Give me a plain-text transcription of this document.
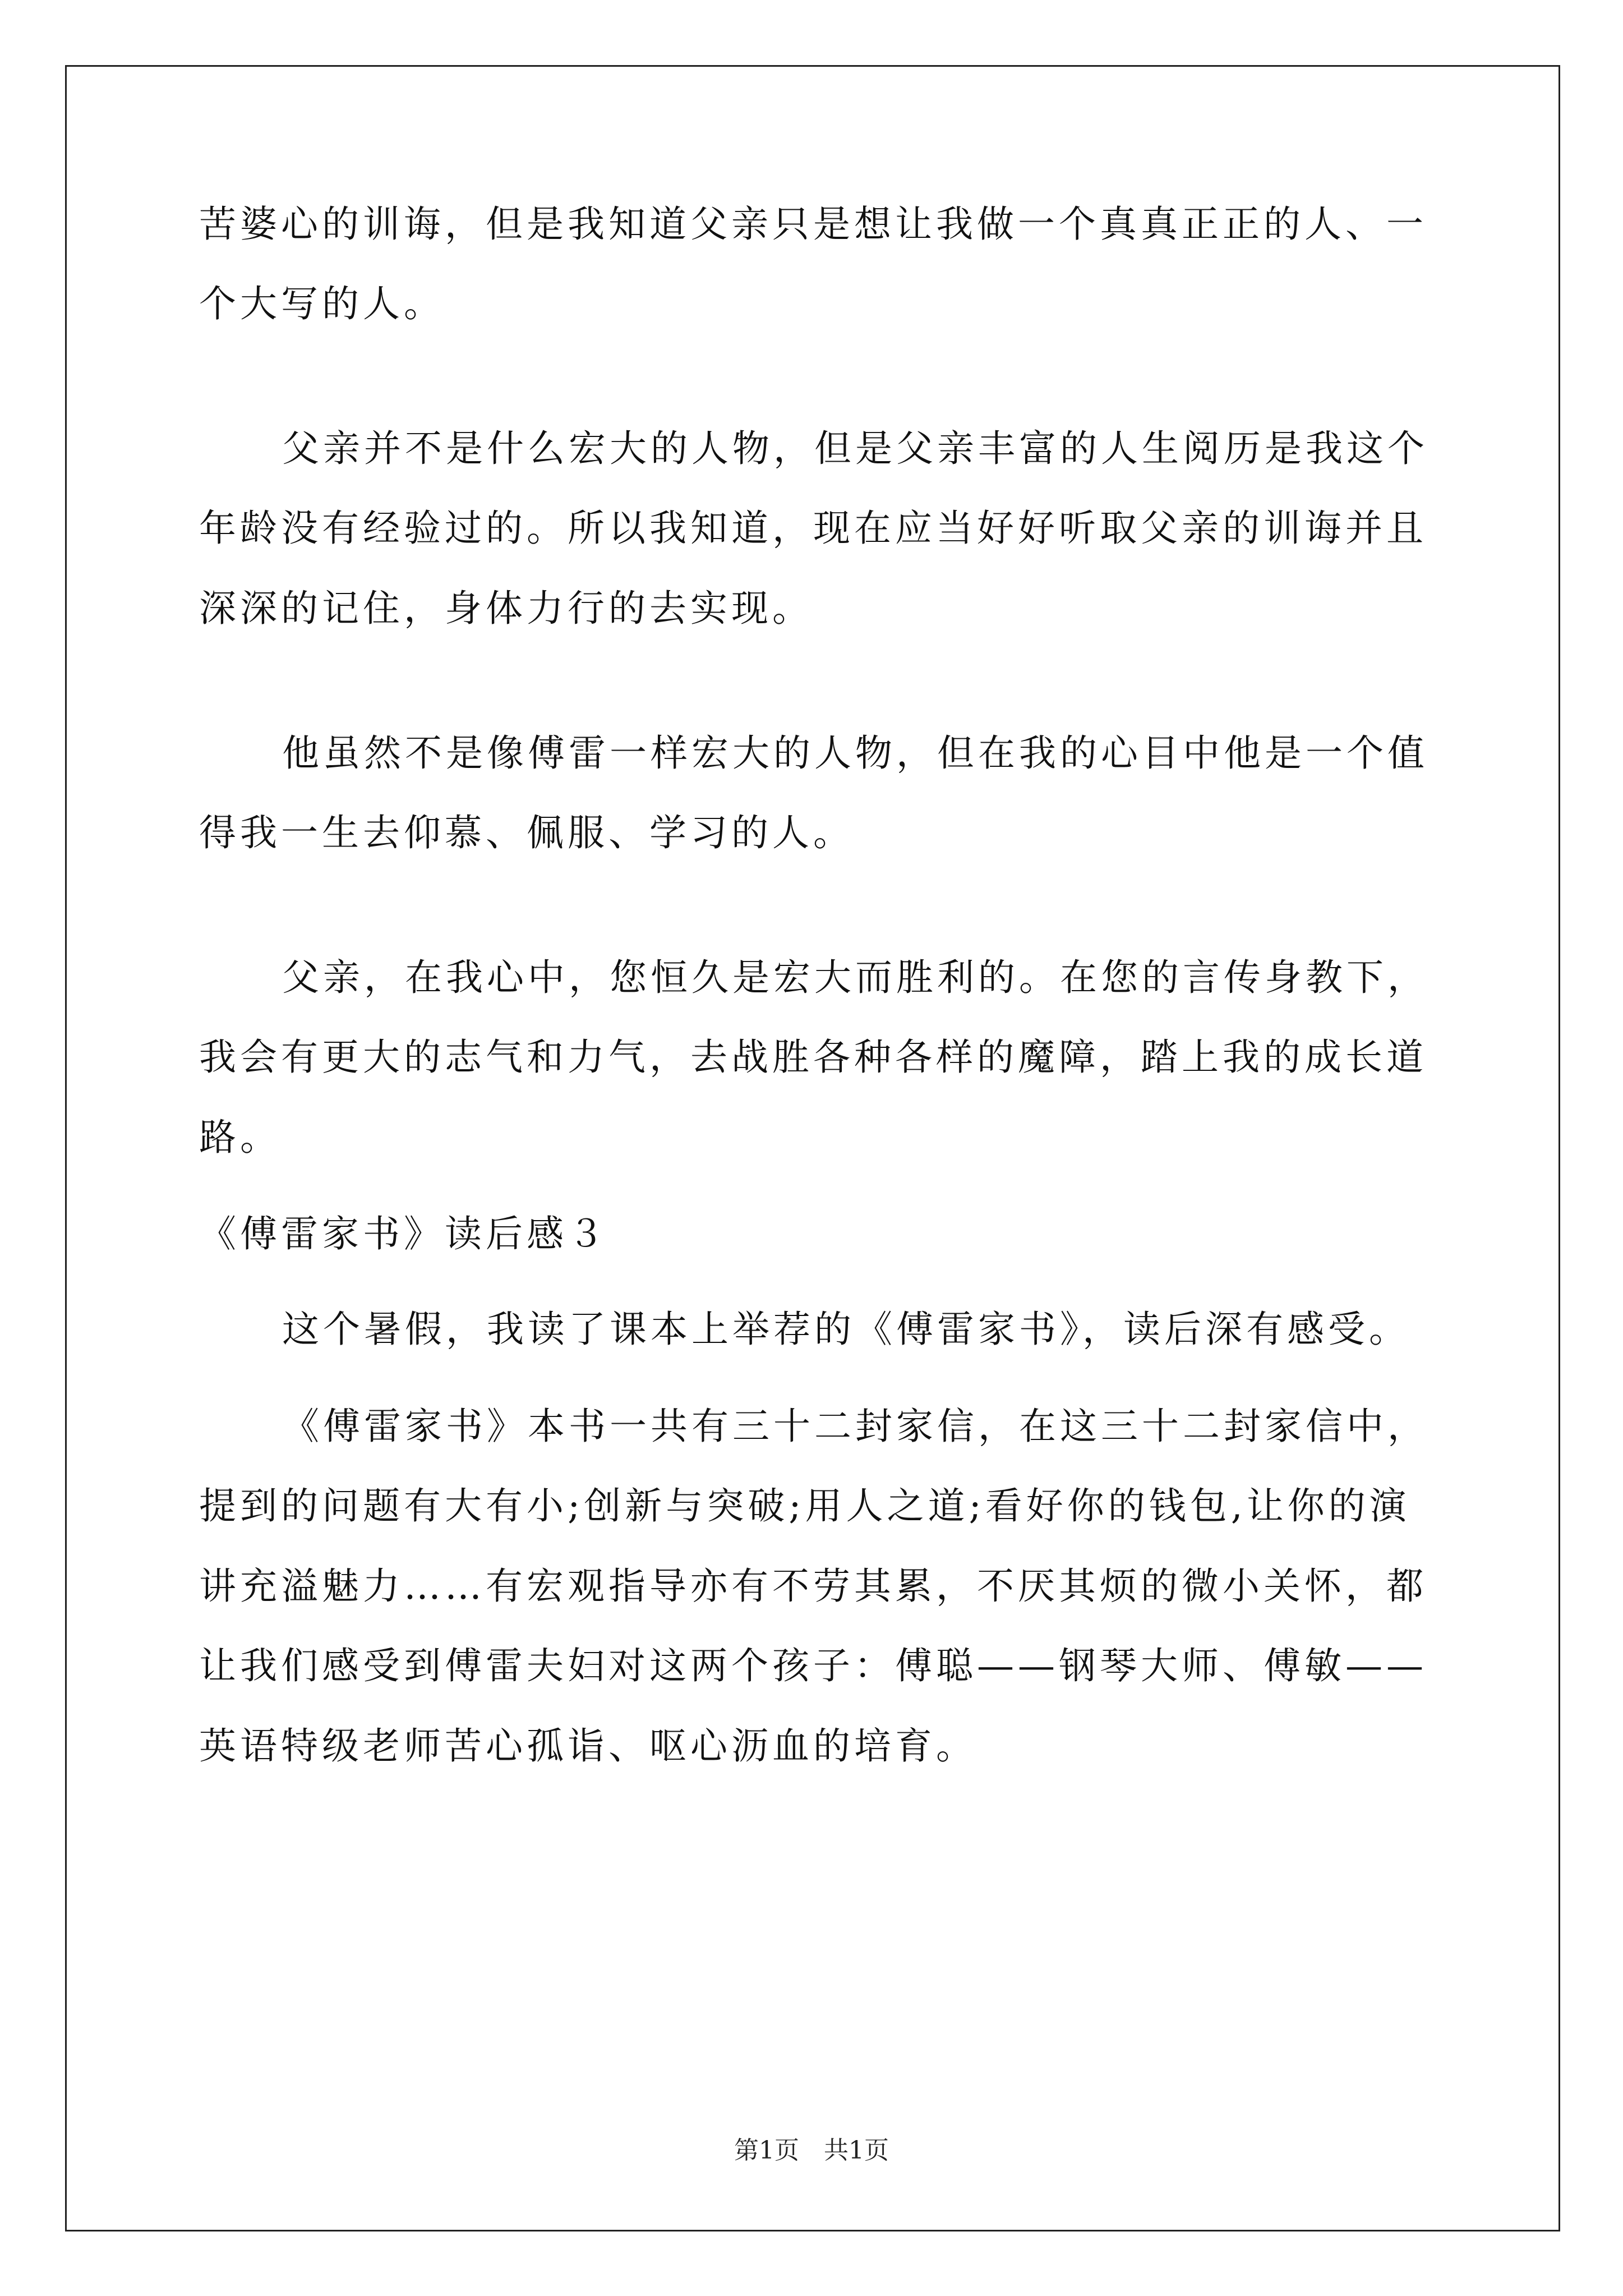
苦婆心的训诲，但是我知道父亲只是想让我做一个真真正正的人、一
个大写的人。
父亲并不是什么宏大的人物，但是父亲丰富的人生阅历是我这个
年龄没有经验过的。所以我知道，现在应当好好听取父亲的训诲并且
深深的记住，身体力行的去实现。
他虽然不是像傅雷一样宏大的人物，但在我的心目中他是一个值
得我一生去仰慕、佩服、学习的人。
父亲，在我心中，您恒久是宏大而胜利的。在您的言传身教下，
我会有更大的志气和力气，去战胜各种各样的魔障，踏上我的成长道
路。
《傅雷家书》读后感３
这个暑假，我读了课本上举荐的《傅雷家书》，读后深有感受。
《傅雷家书》本书一共有三十二封家信，在这三十二封家信中，
提到的问题有大有小;创新与突破;用人之道;看好你的钱包,让你的演
讲充溢魅力……有宏观指导亦有不劳其累，不厌其烦的微小关怀，都
让我们感受到傅雷夫妇对这两个孩子：傅聪——钢琴大师、傅敏——
英语特级老师苦心孤诣、呕心沥血的培育。
第1页　共1页
